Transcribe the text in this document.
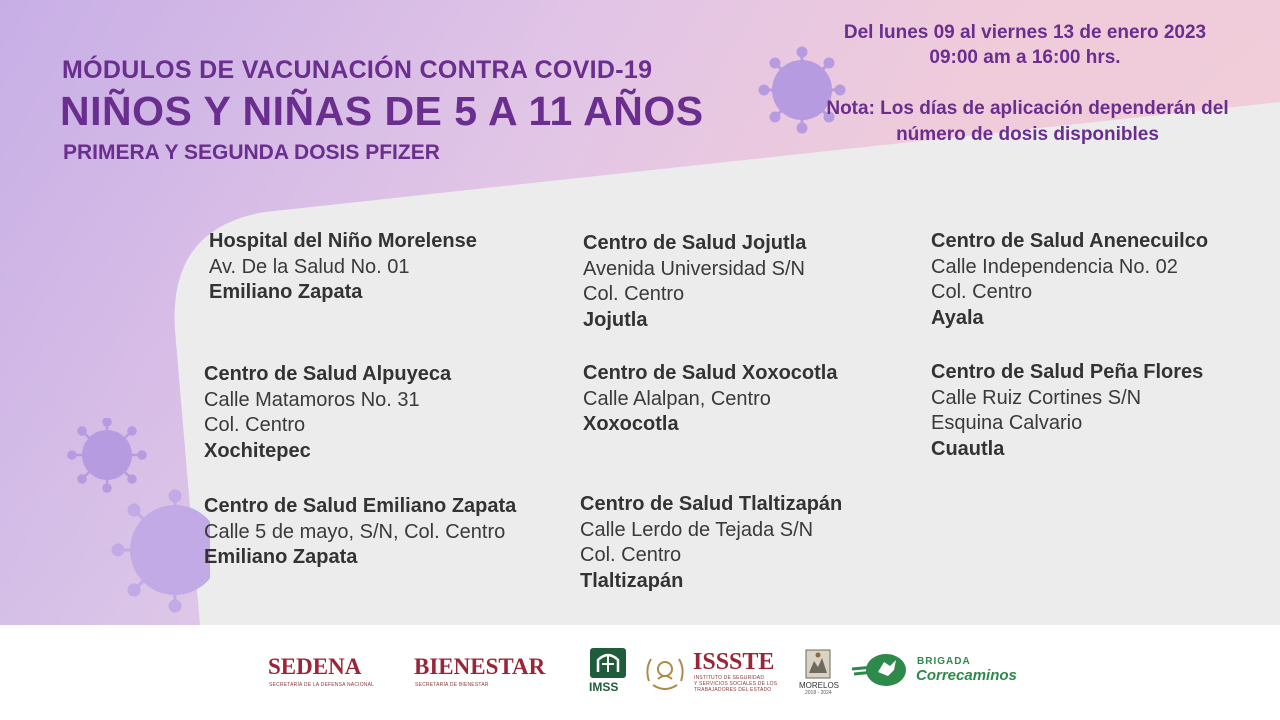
MÓDULOS DE VACUNACIÓN CONTRA COVID-19
NIÑOS Y NIÑAS DE 5 A 11 AÑOS
PRIMERA Y SEGUNDA DOSIS PFIZER
Del lunes 09 al viernes 13 de enero 2023
09:00 am a 16:00 hrs.
Nota: Los días de aplicación dependerán del
número de dosis disponibles
Hospital del Niño Morelense
Av. De la Salud No. 01
Emiliano Zapata
Centro de Salud Jojutla
Avenida Universidad S/N
Col. Centro
Jojutla
Centro de Salud Anenecuilco
Calle Independencia No. 02
Col. Centro
Ayala
Centro de Salud Alpuyeca
Calle Matamoros No. 31
Col. Centro
Xochitepec
Centro de Salud Xoxocotla
Calle Alalpan, Centro
Xoxocotla
Centro de Salud Peña Flores
Calle Ruiz Cortines S/N
Esquina Calvario
Cuautla
Centro de Salud Emiliano Zapata
Calle 5 de mayo, S/N, Col. Centro
Emiliano Zapata
Centro de Salud Tlaltizapán
Calle Lerdo de Tejada S/N
Col. Centro
Tlaltizapán
SEDENA
SECRETARÍA DE LA DEFENSA NACIONAL
BIENESTAR
SECRETARÍA DE BIENESTAR	IMSS
ISSSTE
INSTITUTO DE SEGURIDAD
Y SERVICIOS SOCIALES DE LOS
TRABAJADORES DEL ESTADO	MORELOS
2018 - 2024
BRIGADA
Correcaminos
